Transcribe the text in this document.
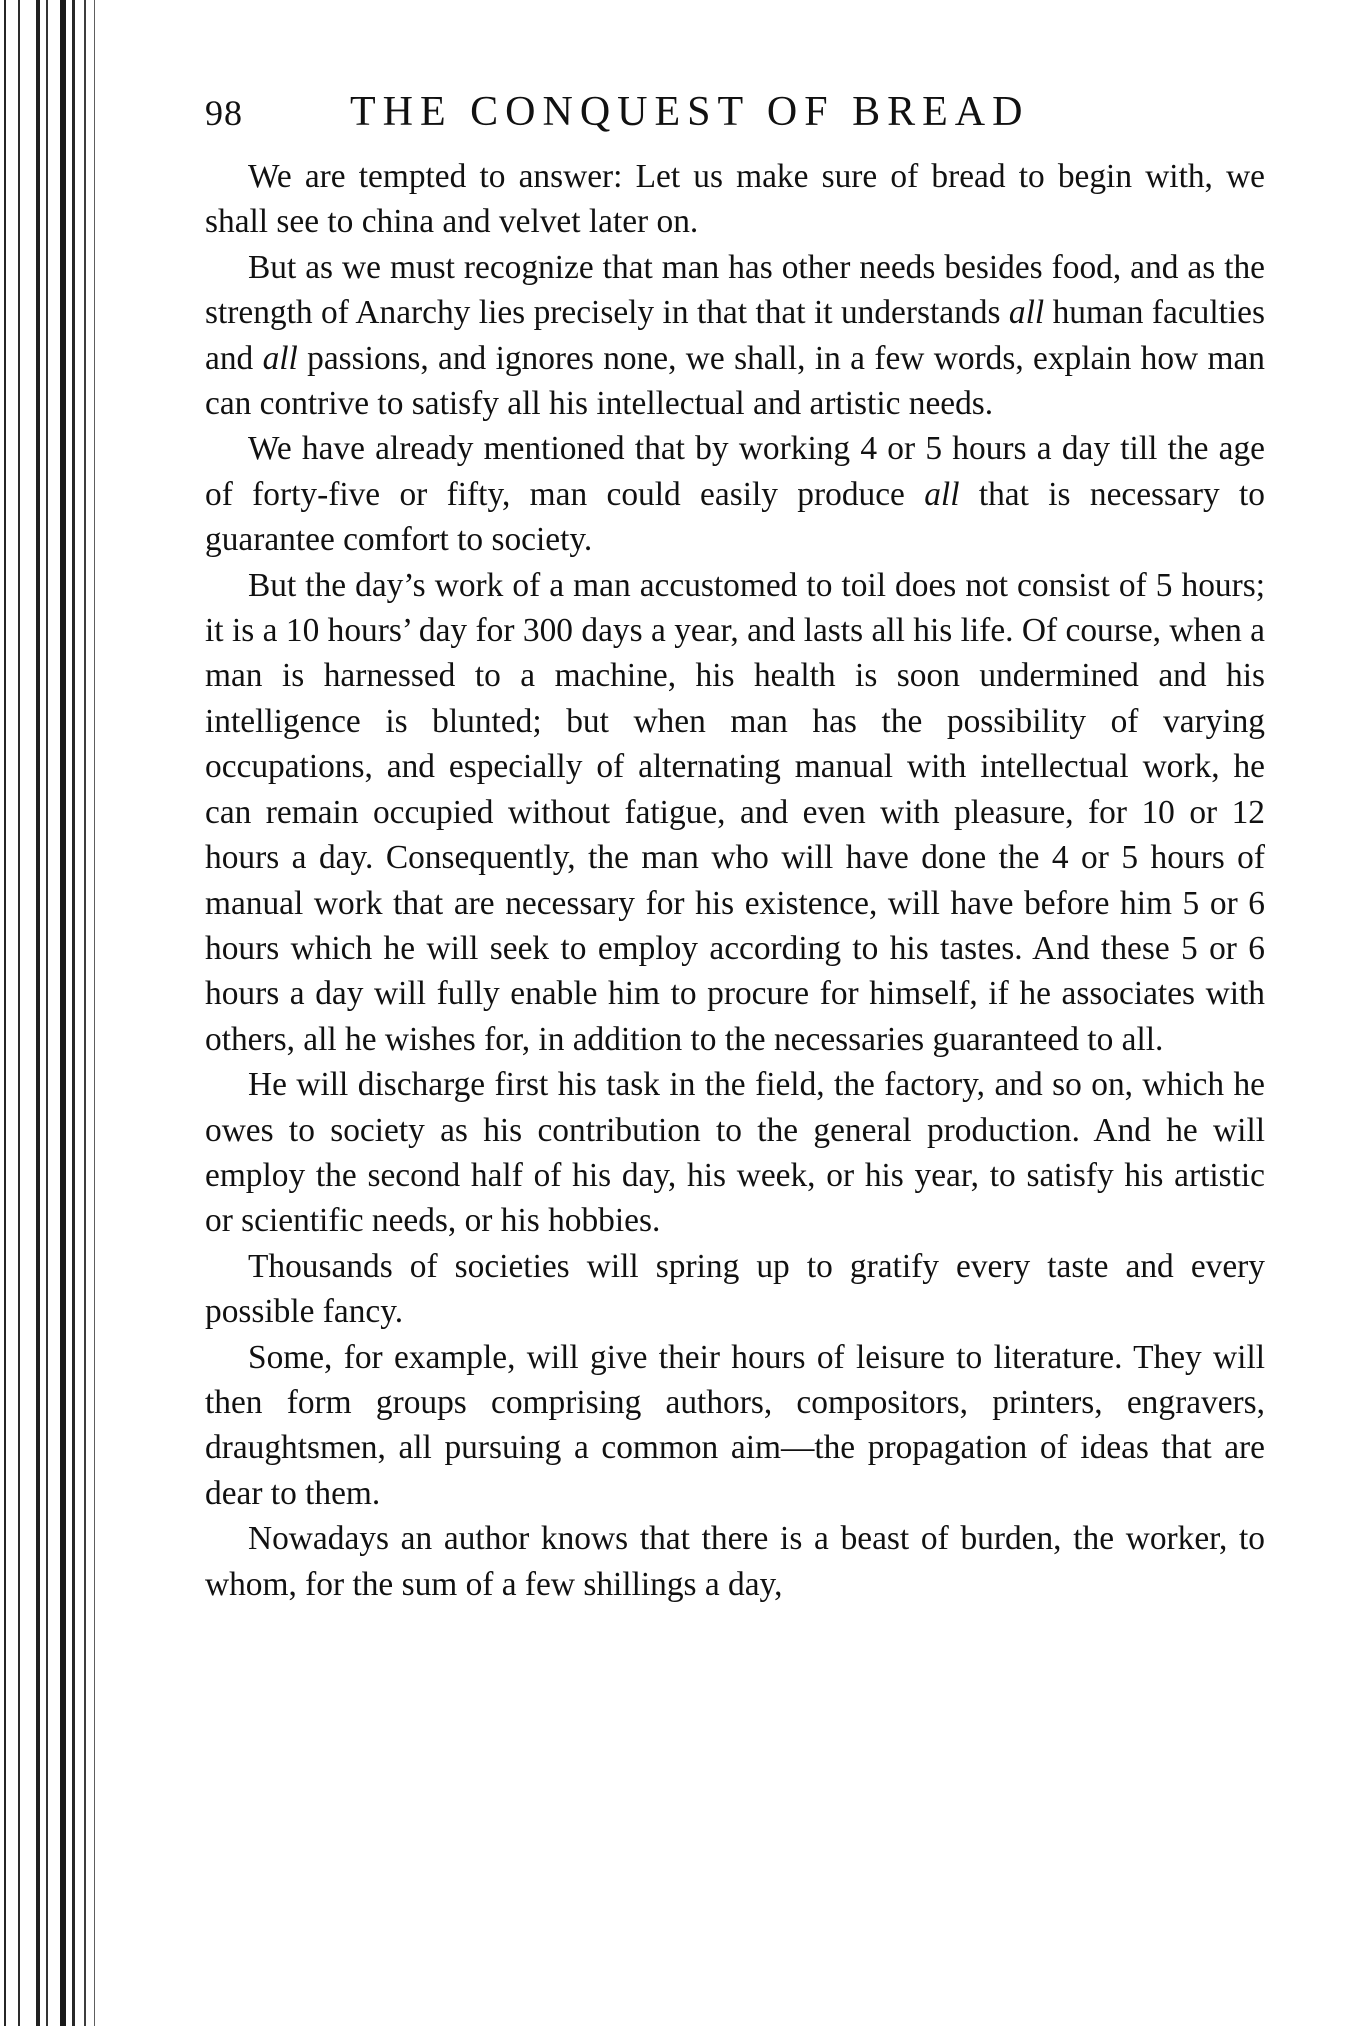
98	THE CONQUEST OF BREAD

We are tempted to answer: Let us make sure of bread to begin with, we shall see to china and velvet later on.

But as we must recognize that man has other needs besides food, and as the strength of Anarchy lies precisely in that that it understands all human faculties and all passions, and ignores none, we shall, in a few words, explain how man can contrive to satisfy all his intellectual and artistic needs.

We have already mentioned that by working 4 or 5 hours a day till the age of forty-five or fifty, man could easily produce all that is necessary to guarantee comfort to society.

But the day’s work of a man accustomed to toil does not consist of 5 hours; it is a 10 hours’ day for 300 days a year, and lasts all his life. Of course, when a man is harnessed to a machine, his health is soon undermined and his intelligence is blunted; but when man has the possibility of varying occupations, and especially of alternating manual with intellectual work, he can remain occupied without fatigue, and even with pleasure, for 10 or 12 hours a day. Consequently, the man who will have done the 4 or 5 hours of manual work that are necessary for his existence, will have before him 5 or 6 hours which he will seek to employ according to his tastes. And these 5 or 6 hours a day will fully enable him to procure for himself, if he associates with others, all he wishes for, in addition to the necessaries guaranteed to all.

He will discharge first his task in the field, the factory, and so on, which he owes to society as his contribution to the general production. And he will employ the second half of his day, his week, or his year, to satisfy his artistic or scientific needs, or his hobbies.

Thousands of societies will spring up to gratify every taste and every possible fancy.

Some, for example, will give their hours of leisure to literature. They will then form groups comprising authors, compositors, printers, engravers, draughtsmen, all pursuing a common aim—the propagation of ideas that are dear to them.

Nowadays an author knows that there is a beast of burden, the worker, to whom, for the sum of a few shillings a day,
